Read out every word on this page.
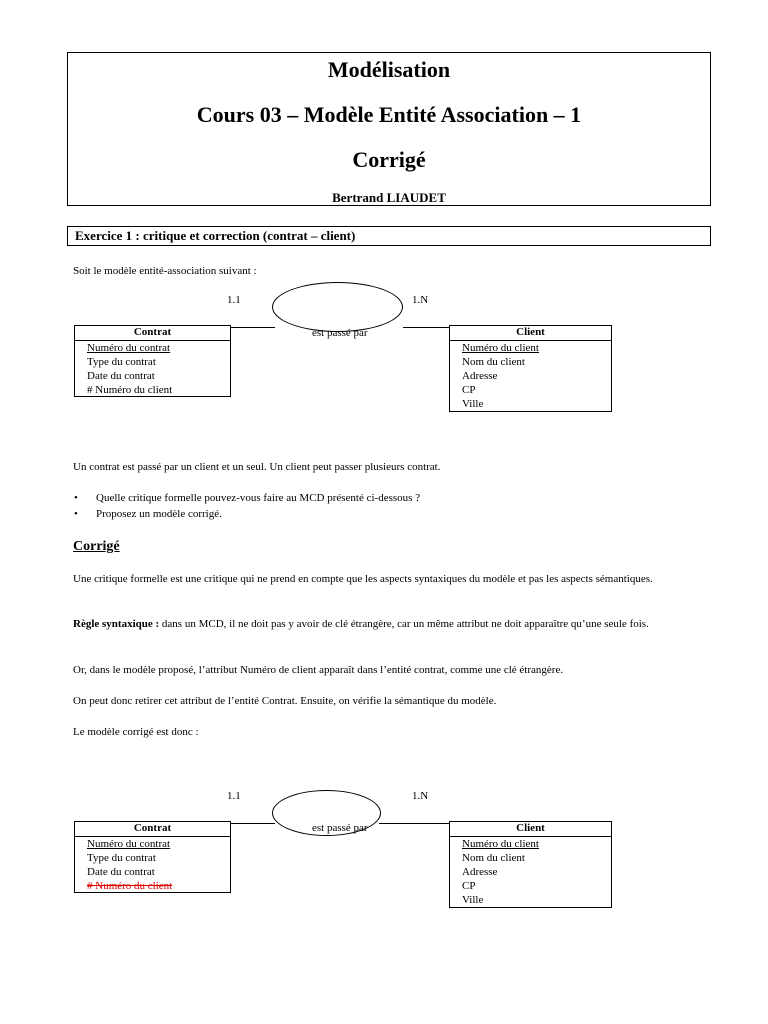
Modélisation
Cours 03 – Modèle Entité Association – 1
Corrigé
Bertrand LIAUDET
Exercice 1 : critique et correction (contrat – client)
Soit le modèle entité-association suivant :
1.1	1.N
est passé par
Contrat
Numéro du contrat
Type du contrat
Date du contrat
# Numéro du client
Client
Numéro du client
Nom du client
Adresse
CP
Ville
Un contrat est passé par un client et un seul. Un client peut passer plusieurs contrat.
• Quelle critique formelle pouvez-vous faire au MCD présenté ci-dessous ?
• Proposez un modèle corrigé.
Corrigé
Une critique formelle est une critique qui ne prend en compte que les aspects syntaxiques du modèle et pas les aspects sémantiques.
Règle syntaxique : dans un MCD, il ne doit pas y avoir de clé étrangère, car un même attribut ne doit apparaître qu’une seule fois.
Or, dans le modèle proposé, l’attribut Numéro de client apparaît dans l’entité contrat, comme une clé étrangère.
On peut donc retirer cet attribut de l’entité Contrat. Ensuite, on vérifie la sémantique du modèle.
Le modèle corrigé est donc :
1.1	1.N
est passé par
Contrat
Numéro du contrat
Type du contrat
Date du contrat
# Numéro du client
Client
Numéro du client
Nom du client
Adresse
CP
Ville
